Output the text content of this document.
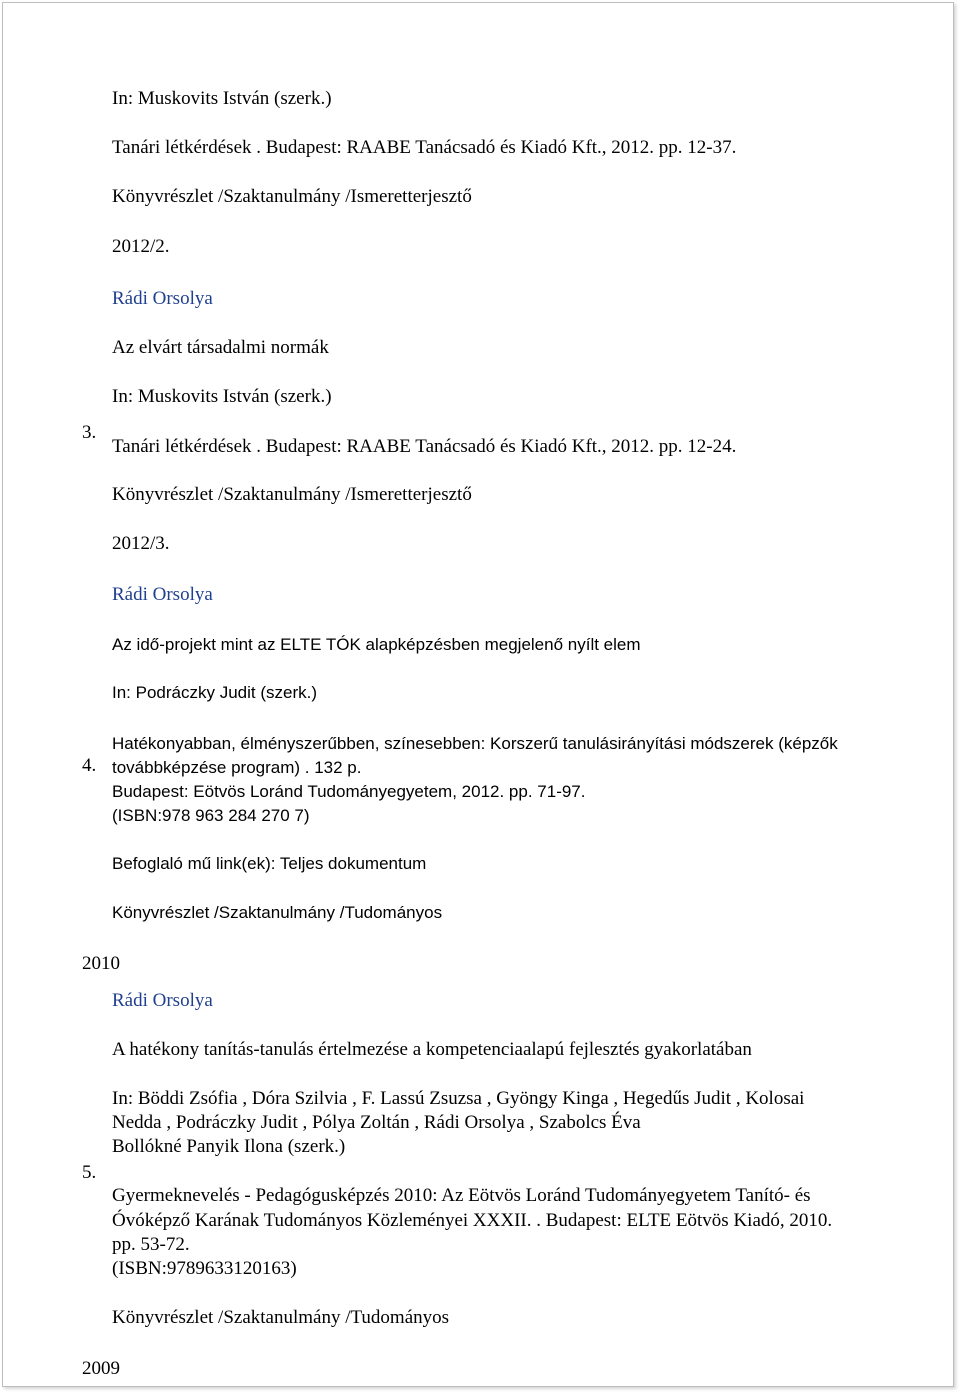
In: Muskovits István (szerk.)
Tanári létkérdések . Budapest: RAABE Tanácsadó és Kiadó Kft., 2012. pp. 12-37.
Könyvrészlet /Szaktanulmány /Ismeretterjesztő
2012/2.
Rádi Orsolya
Az elvárt társadalmi normák
In: Muskovits István (szerk.)
3.
Tanári létkérdések . Budapest: RAABE Tanácsadó és Kiadó Kft., 2012. pp. 12-24.
Könyvrészlet /Szaktanulmány /Ismeretterjesztő
2012/3.
Rádi Orsolya
Az idő-projekt mint az ELTE TÓK alapképzésben megjelenő nyílt elem
In: Podráczky Judit (szerk.)
Hatékonyabban, élményszerűbben, színesebben: Korszerű tanulásirányítási módszerek (képzők
4. továbbképzése program) . 132 p.
Budapest: Eötvös Loránd Tudományegyetem, 2012. pp. 71-97.
(ISBN:978 963 284 270 7)
Befoglaló mű link(ek): Teljes dokumentum
Könyvrészlet /Szaktanulmány /Tudományos
2010
Rádi Orsolya
A hatékony tanítás-tanulás értelmezése a kompetenciaalapú fejlesztés gyakorlatában
In: Böddi Zsófia , Dóra Szilvia , F. Lassú Zsuzsa , Gyöngy Kinga , Hegedűs Judit , Kolosai
Nedda , Podráczky Judit , Pólya Zoltán , Rádi Orsolya , Szabolcs Éva
Bollókné Panyik Ilona (szerk.)
5.
Gyermeknevelés - Pedagógusképzés 2010: Az Eötvös Loránd Tudományegyetem Tanító- és
Óvóképző Karának Tudományos Közleményei XXXII. . Budapest: ELTE Eötvös Kiadó, 2010.
pp. 53-72.
(ISBN:9789633120163)
Könyvrészlet /Szaktanulmány /Tudományos
2009
